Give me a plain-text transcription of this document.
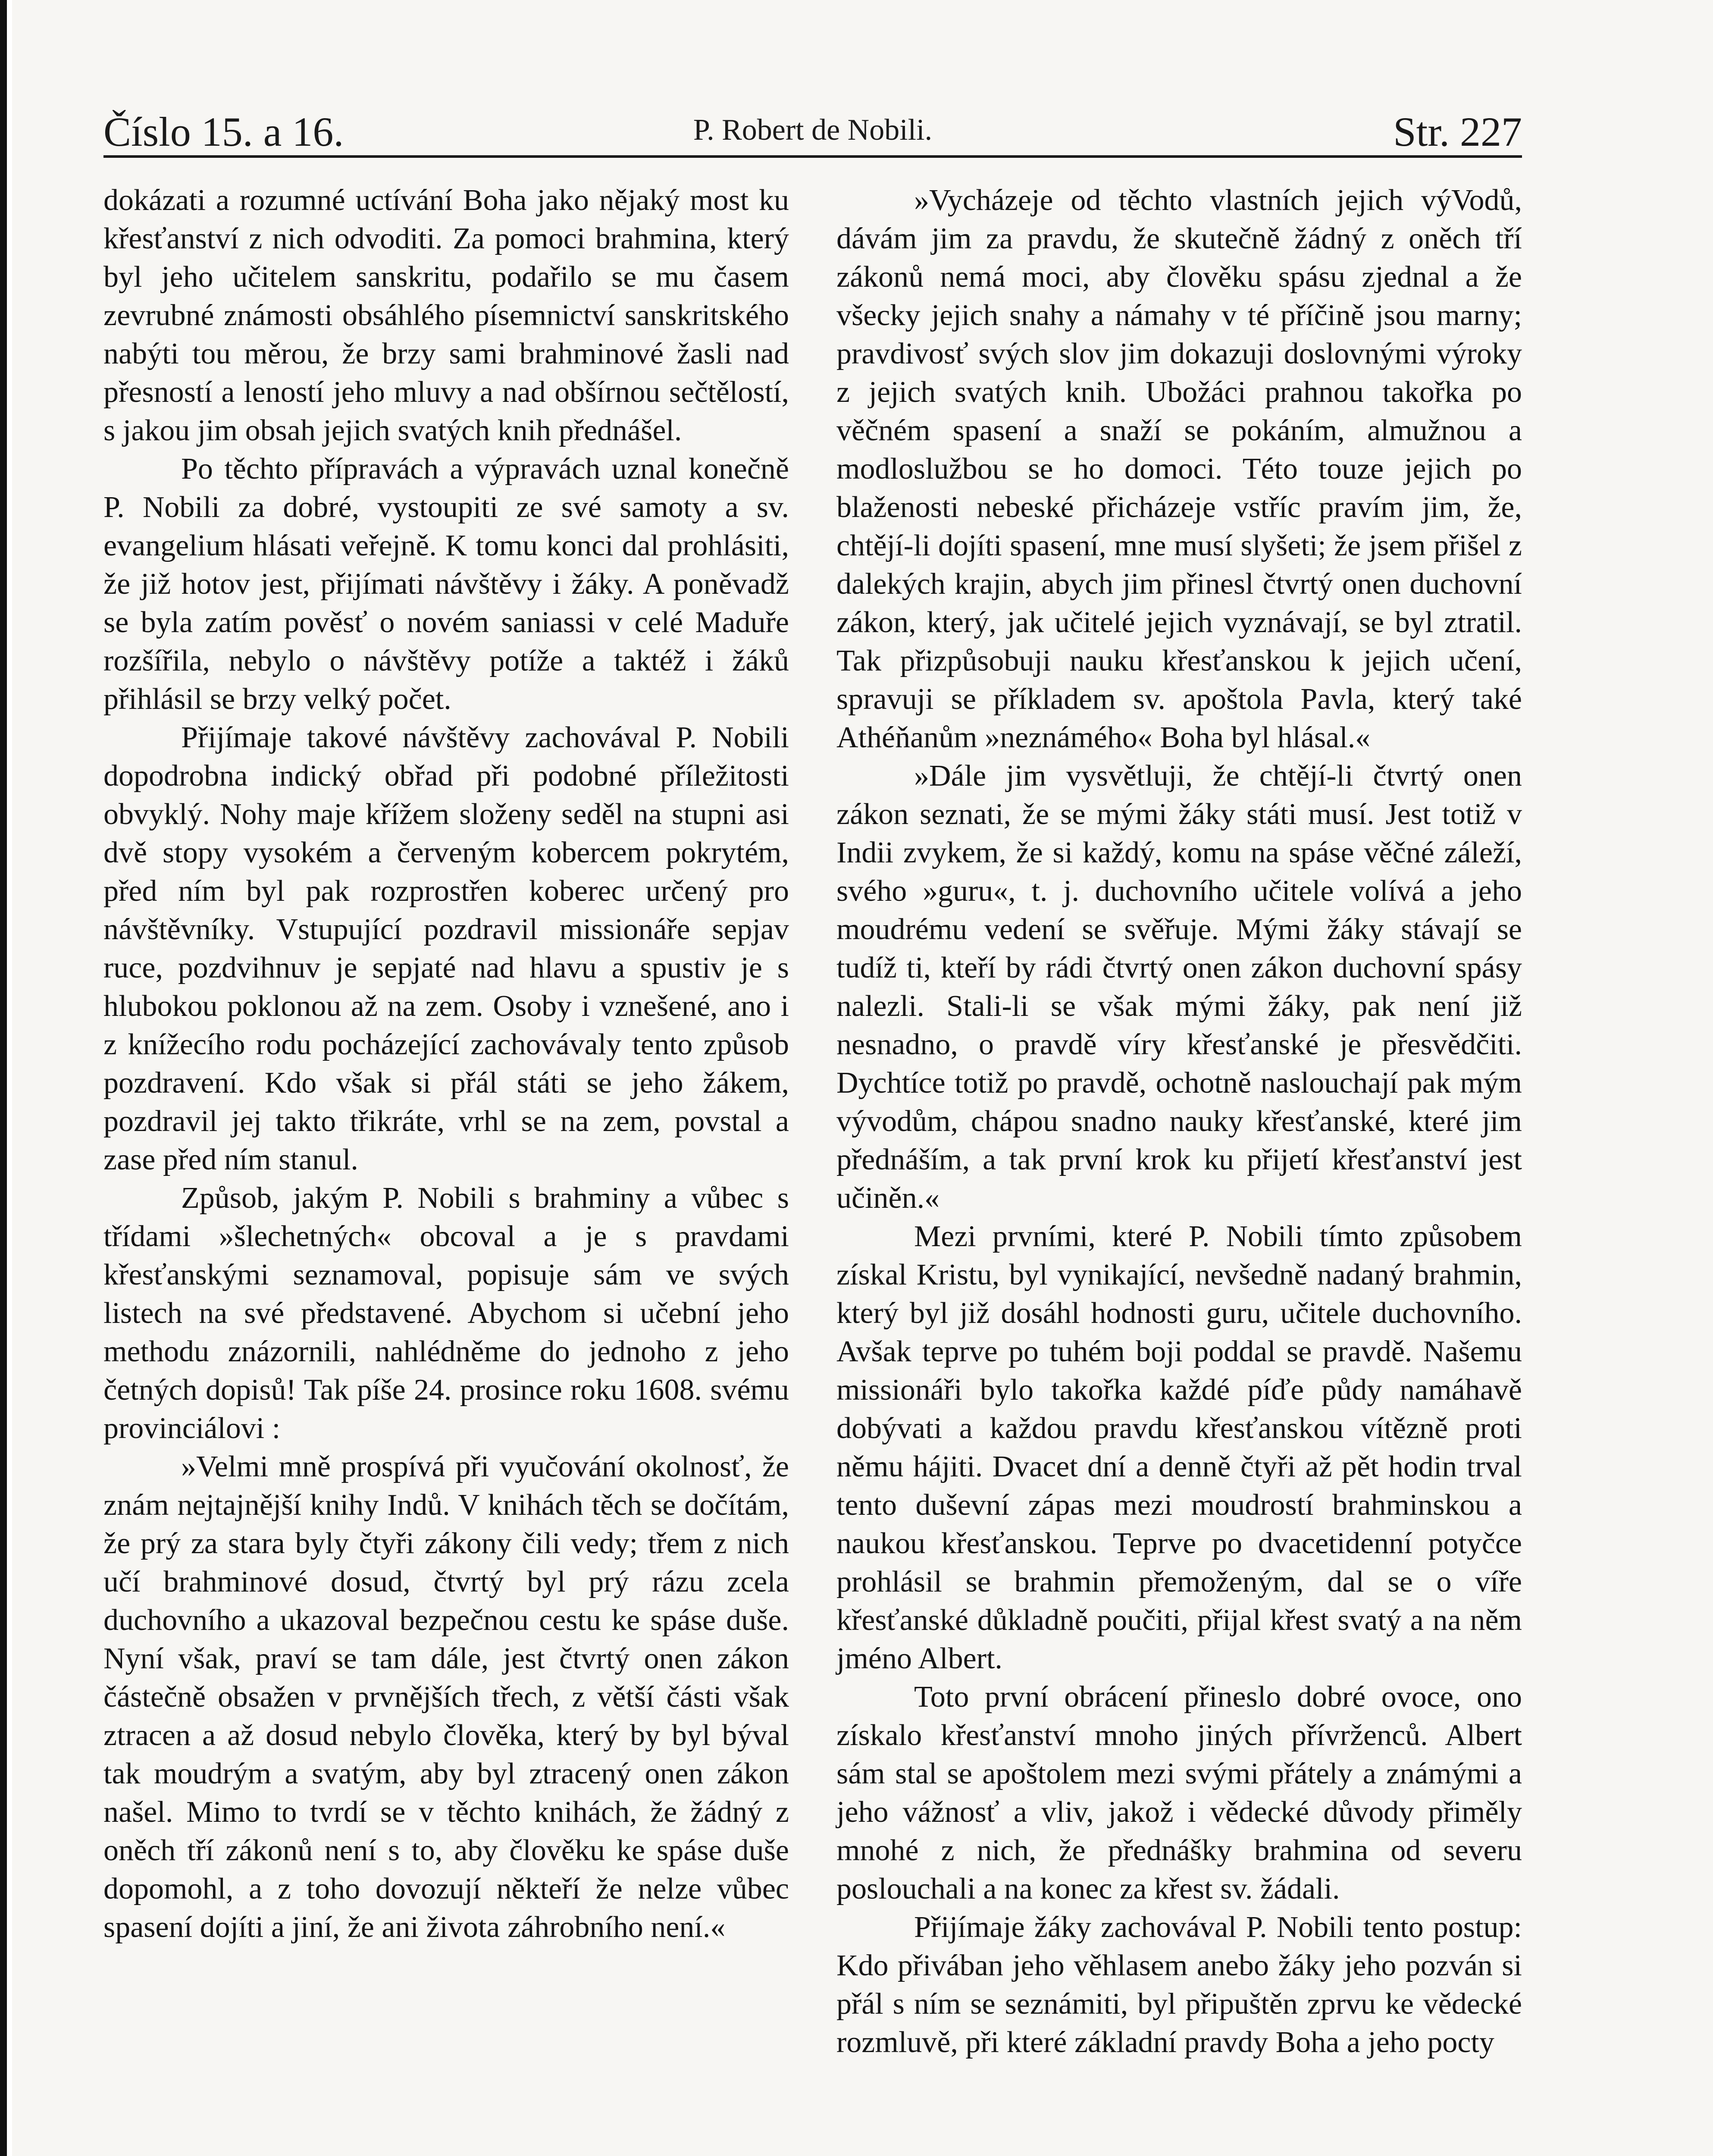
Číslo 15. a 16.	P. Robert de Nobili.	Str. 227

dokázati a rozumné uctívání Boha jako nějaký most ku křesťanství z nich odvoditi. Za pomoci brahmina, který byl jeho učitelem sanskritu, podařilo se mu časem zevrubné známosti obsáhlého písemnictví sanskritského nabýti tou měrou, že brzy sami brahminové žasli nad přesností a leností jeho mluvy a nad obšírnou sečtělostí, s jakou jim obsah jejich svatých knih přednášel.

Po těchto přípravách a výpravách uznal konečně P. Nobili za dobré, vystoupiti ze své samoty a sv. evangelium hlásati veřejně. K tomu konci dal prohlásiti, že již hotov jest, přijímati návštěvy i žáky. A poněvadž se byla zatím pověsť o novém saniassi v celé Maduře rozšířila, nebylo o návštěvy potíže a taktéž i žáků přihlásil se brzy velký počet.

Přijímaje takové návštěvy zachovával P. Nobili dopodrobna indický obřad při podobné příležitosti obvyklý. Nohy maje křížem složeny seděl na stupni asi dvě stopy vysokém a červeným kobercem pokrytém, před ním byl pak rozprostřen koberec určený pro návštěvníky. Vstupující pozdravil missionáře sepjav ruce, pozdvihnuv je sepjaté nad hlavu a spustiv je s hlubokou poklonou až na zem. Osoby i vznešené, ano i z knížecího rodu pocházející zachovávaly tento způsob pozdravení. Kdo však si přál státi se jeho žákem, pozdravil jej takto třikráte, vrhl se na zem, povstal a zase před ním stanul.

Způsob, jakým P. Nobili s brahminy a vůbec s třídami »šlechetných« obcoval a je s pravdami křesťanskými seznamoval, popisuje sám ve svých listech na své představené. Abychom si učební jeho methodu znázornili, nahlédněme do jednoho z jeho četných dopisů! Tak píše 24. prosince roku 1608. svému provinciálovi :

»Velmi mně prospívá při vyučování okolnosť, že znám nejtajnější knihy Indů. V knihách těch se dočítám, že prý za stara byly čtyři zákony čili vedy; třem z nich učí brahminové dosud, čtvrtý byl prý rázu zcela duchovního a ukazoval bezpečnou cestu ke spáse duše. Nyní však, praví se tam dále, jest čtvrtý onen zákon částečně obsažen v prvnějších třech, z větší části však ztracen a až dosud nebylo člověka, který by byl býval tak moudrým a svatým, aby byl ztracený onen zákon našel. Mimo to tvrdí se v těchto knihách, že žádný z oněch tří zákonů není s to, aby člověku ke spáse duše dopomohl, a z toho dovozují někteří že nelze vůbec spasení dojíti a jiní, že ani života záhrobního není.«

»Vycházeje od těchto vlastních jejich výVodů, dávám jim za pravdu, že skutečně žádný z oněch tří zákonů nemá moci, aby člověku spásu zjednal a že všecky jejich snahy a námahy v té příčině jsou marny; pravdivosť svých slov jim dokazuji doslovnými výroky z jejich svatých knih. Ubožáci prahnou takořka po věčném spasení a snaží se pokáním, almužnou a modloslužbou se ho domoci. Této touze jejich po blaženosti nebeské přicházeje vstříc pravím jim, že, chtějí-li dojíti spasení, mne musí slyšeti; že jsem přišel z dalekých krajin, abych jim přinesl čtvrtý onen duchovní zákon, který, jak učitelé jejich vyznávají, se byl ztratil. Tak přizpůsobuji nauku křesťanskou k jejich učení, spravuji se příkladem sv. apoštola Pavla, který také Athéňanům »neznámého« Boha byl hlásal.«

»Dále jim vysvětluji, že chtějí-li čtvrtý onen zákon seznati, že se mými žáky státi musí. Jest totiž v Indii zvykem, že si každý, komu na spáse věčné záleží, svého »guru«, t. j. duchovního učitele volívá a jeho moudrému vedení se svěřuje. Mými žáky stávají se tudíž ti, kteří by rádi čtvrtý onen zákon duchovní spásy nalezli. Stali-li se však mými žáky, pak není již nesnadno, o pravdě víry křesťanské je přesvědčiti. Dychtíce totiž po pravdě, ochotně naslouchají pak mým vývodům, chápou snadno nauky křesťanské, které jim přednáším, a tak první krok ku přijetí křesťanství jest učiněn.«

Mezi prvními, které P. Nobili tímto způsobem získal Kristu, byl vynikající, nevšedně nadaný brahmin, který byl již dosáhl hodnosti guru, učitele duchovního. Avšak teprve po tuhém boji poddal se pravdě. Našemu missionáři bylo takořka každé píďe půdy namáhavě dobývati a každou pravdu křesťanskou vítězně proti němu hájiti. Dvacet dní a denně čtyři až pět hodin trval tento duševní zápas mezi moudrostí brahminskou a naukou křesťanskou. Teprve po dvacetidenní potyčce prohlásil se brahmin přemoženým, dal se o víře křesťanské důkladně poučiti, přijal křest svatý a na něm jméno Albert.

Toto první obrácení přineslo dobré ovoce, ono získalo křesťanství mnoho jiných přívrženců. Albert sám stal se apoštolem mezi svými přátely a známými a jeho vážnosť a vliv, jakož i vědecké důvody přiměly mnohé z nich, že přednášky brahmina od severu poslouchali a na konec za křest sv. žádali.

Přijímaje žáky zachovával P. Nobili tento postup: Kdo přivában jeho věhlasem anebo žáky jeho pozván si přál s ním se seznámiti, byl připuštěn zprvu ke vědecké rozmluvě, při které základní pravdy Boha a jeho pocty
